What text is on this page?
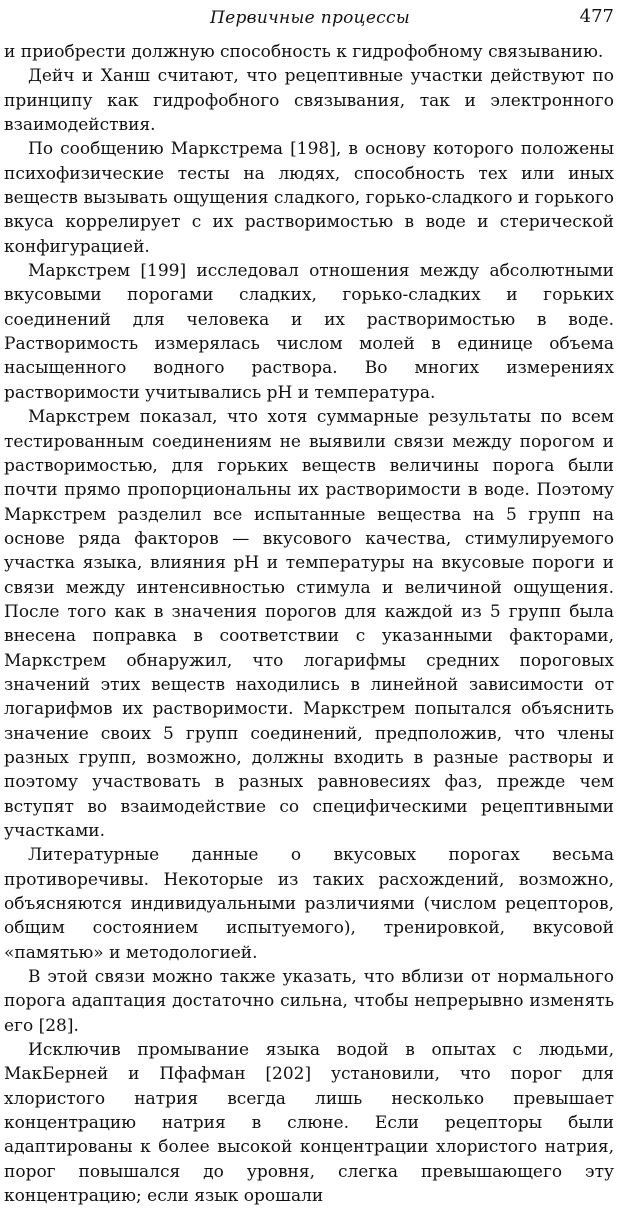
Первичные процессы	477

и приобрести должную способность к гидрофобному связыванию.

Дейч и Ханш считают, что рецептивные участки действуют по принципу как гидрофобного связывания, так и электронного взаимодействия.

По сообщению Маркстрема [198], в основу которого положены психофизические тесты на людях, способность тех или иных веществ вызывать ощущения сладкого, горько-сладкого и горького вкуса коррелирует с их растворимостью в воде и стерической конфигурацией.

Маркстрем [199] исследовал отношения между абсолютными вкусовыми порогами сладких, горько-сладких и горьких соединений для человека и их растворимостью в воде. Растворимость измерялась числом молей в единице объема насыщенного водного раствора. Во многих измерениях растворимости учитывались pH и температура.

Маркстрем показал, что хотя суммарные результаты по всем тестированным соединениям не выявили связи между порогом и растворимостью, для горьких веществ величины порога были почти прямо пропорциональны их растворимости в воде. Поэтому Маркстрем разделил все испытанные вещества на 5 групп на основе ряда факторов — вкусового качества, стимулируемого участка языка, влияния pH и температуры на вкусовые пороги и связи между интенсивностью стимула и величиной ощущения. После того как в значения порогов для каждой из 5 групп была внесена поправка в соответствии с указанными факторами, Маркстрем обнаружил, что логарифмы средних пороговых значений этих веществ находились в линейной зависимости от логарифмов их растворимости. Маркстрем попытался объяснить значение своих 5 групп соединений, предположив, что члены разных групп, возможно, должны входить в разные растворы и поэтому участвовать в разных равновесиях фаз, прежде чем вступят во взаимодействие со специфическими рецептивными участками.

Литературные данные о вкусовых порогах весьма противоречивы. Некоторые из таких расхождений, возможно, объясняются индивидуальными различиями (числом рецепторов, общим состоянием испытуемого), тренировкой, вкусовой «памятью» и методологией.

В этой связи можно также указать, что вблизи от нормального порога адаптация достаточно сильна, чтобы непрерывно изменять его [28].

Исключив промывание языка водой в опытах с людьми, МакБерней и Пфафман [202] установили, что порог для хлористого натрия всегда лишь несколько превышает концентрацию натрия в слюне. Если рецепторы были адаптированы к более высокой концентрации хлористого натрия, порог повышался до уровня, слегка превышающего эту концентрацию; если язык орошали
